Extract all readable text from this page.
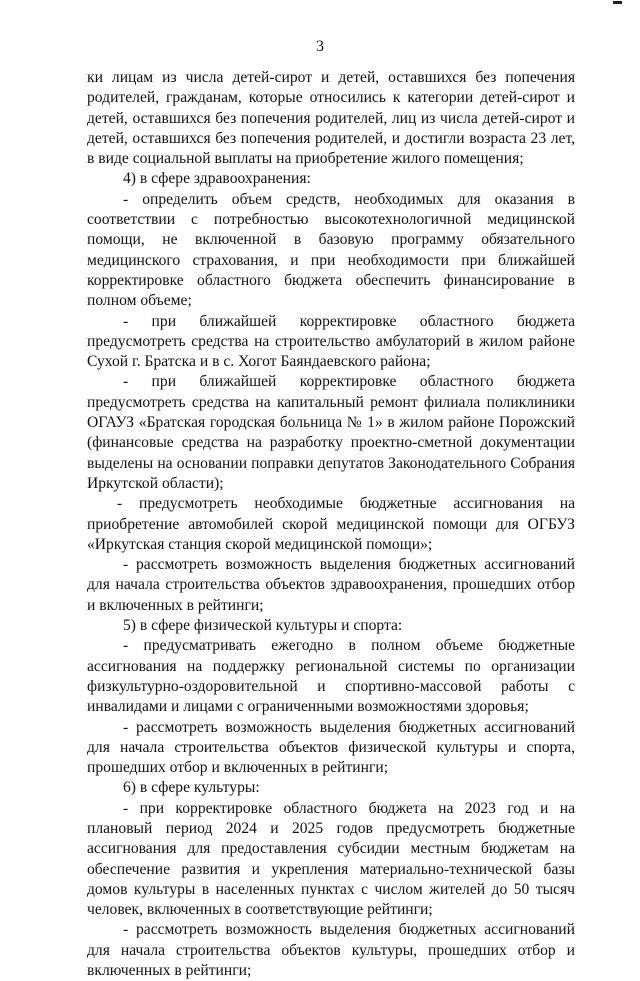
3

ки лицам из числа детей-сирот и детей, оставшихся без попечения родителей, гражданам, которые относились к категории детей-сирот и детей, оставшихся без попечения родителей, лиц из числа детей-сирот и детей, оставшихся без попечения родителей, и достигли возраста 23 лет, в виде социальной выплаты на приобретение жилого помещения;

4) в сфере здравоохранения:

- определить объем средств, необходимых для оказания в соответствии с потребностью высокотехнологичной медицинской помощи, не включенной в базовую программу обязательного медицинского страхования, и при необходимости при ближайшей корректировке областного бюджета обеспечить финансирование в полном объеме;

- при ближайшей корректировке областного бюджета предусмотреть средства на строительство амбулаторий в жилом районе Сухой г. Братска и в с. Хогот Баяндаевского района;

- при ближайшей корректировке областного бюджета предусмотреть средства на капитальный ремонт филиала поликлиники ОГАУЗ «Братская городская больница № 1» в жилом районе Порожский (финансовые средства на разработку проектно-сметной документации выделены на основании поправки депутатов Законодательного Собрания Иркутской области);

- предусмотреть необходимые бюджетные ассигнования на приобретение автомобилей скорой медицинской помощи для ОГБУЗ «Иркутская станция скорой медицинской помощи»;

- рассмотреть возможность выделения бюджетных ассигнований для начала строительства объектов здравоохранения, прошедших отбор и включенных в рейтинги;

5) в сфере физической культуры и спорта:

- предусматривать ежегодно в полном объеме бюджетные ассигнования на поддержку региональной системы по организации физкультурно-оздоровительной и спортивно-массовой работы с инвалидами и лицами с ограниченными возможностями здоровья;

- рассмотреть возможность выделения бюджетных ассигнований для начала строительства объектов физической культуры и спорта, прошедших отбор и включенных в рейтинги;

6) в сфере культуры:

- при корректировке областного бюджета на 2023 год и на плановый период 2024 и 2025 годов предусмотреть бюджетные ассигнования для предоставления субсидии местным бюджетам на обеспечение развития и укрепления материально-технической базы домов культуры в населенных пунктах с числом жителей до 50 тысяч человек, включенных в соответствующие рейтинги;

- рассмотреть возможность выделения бюджетных ассигнований для начала строительства объектов культуры, прошедших отбор и включенных в рейтинги;
